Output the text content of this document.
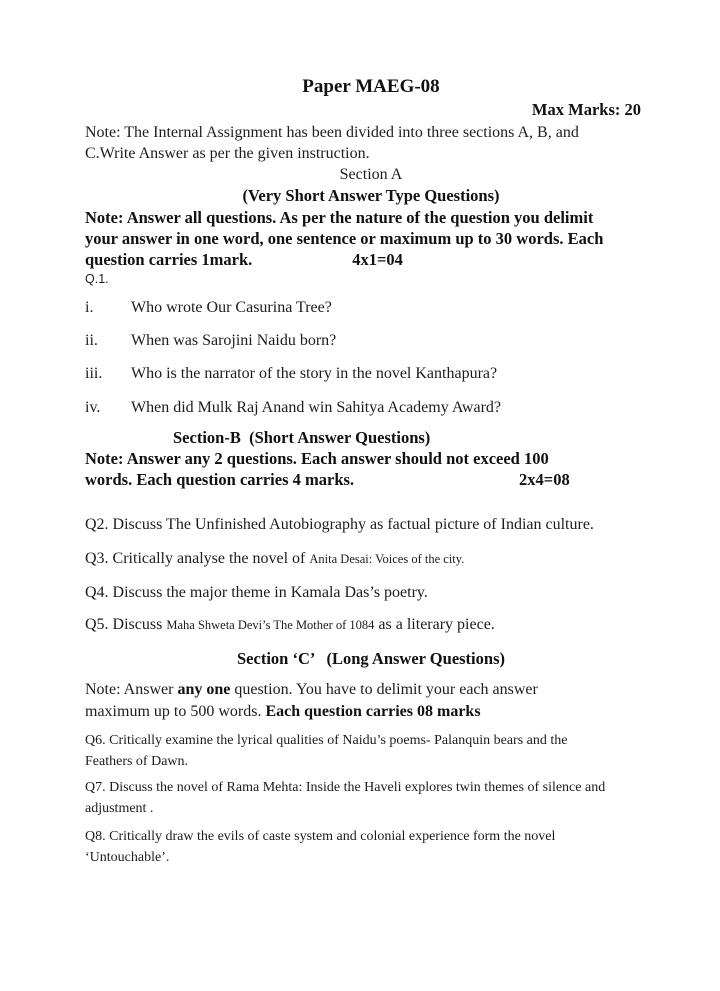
Paper MAEG-08
Max Marks: 20
Note: The Internal Assignment has been divided into three sections A, B, and
C.Write Answer as per the given instruction.
Section A
(Very Short Answer Type Questions)
Note: Answer all questions. As per the nature of the question you delimit
your answer in one word, one sentence or maximum up to 30 words. Each
question carries 1mark.	4x1=04
Q.1.
i.	Who wrote Our Casurina Tree?
ii.	When was Sarojini Naidu born?
iii.	Who is the narrator of the story in the novel Kanthapura?
iv.	When did Mulk Raj Anand win Sahitya Academy Award?
Section-B  (Short Answer Questions)
Note: Answer any 2 questions. Each answer should not exceed 100
words. Each question carries 4 marks.	2x4=08
Q2. Discuss The Unfinished Autobiography as factual picture of Indian culture.
Q3. Critically analyse the novel of Anita Desai: Voices of the city.
Q4. Discuss the major theme in Kamala Das’s poetry.
Q5. Discuss Maha Shweta Devi’s The Mother of 1084 as a literary piece.
Section ‘C’   (Long Answer Questions)
Note: Answer any one question. You have to delimit your each answer
maximum up to 500 words. Each question carries 08 marks
Q6. Critically examine the lyrical qualities of Naidu’s poems- Palanquin bears and the
Feathers of Dawn.
Q7. Discuss the novel of Rama Mehta: Inside the Haveli explores twin themes of silence and
adjustment .
Q8. Critically draw the evils of caste system and colonial experience form the novel
‘Untouchable’.
